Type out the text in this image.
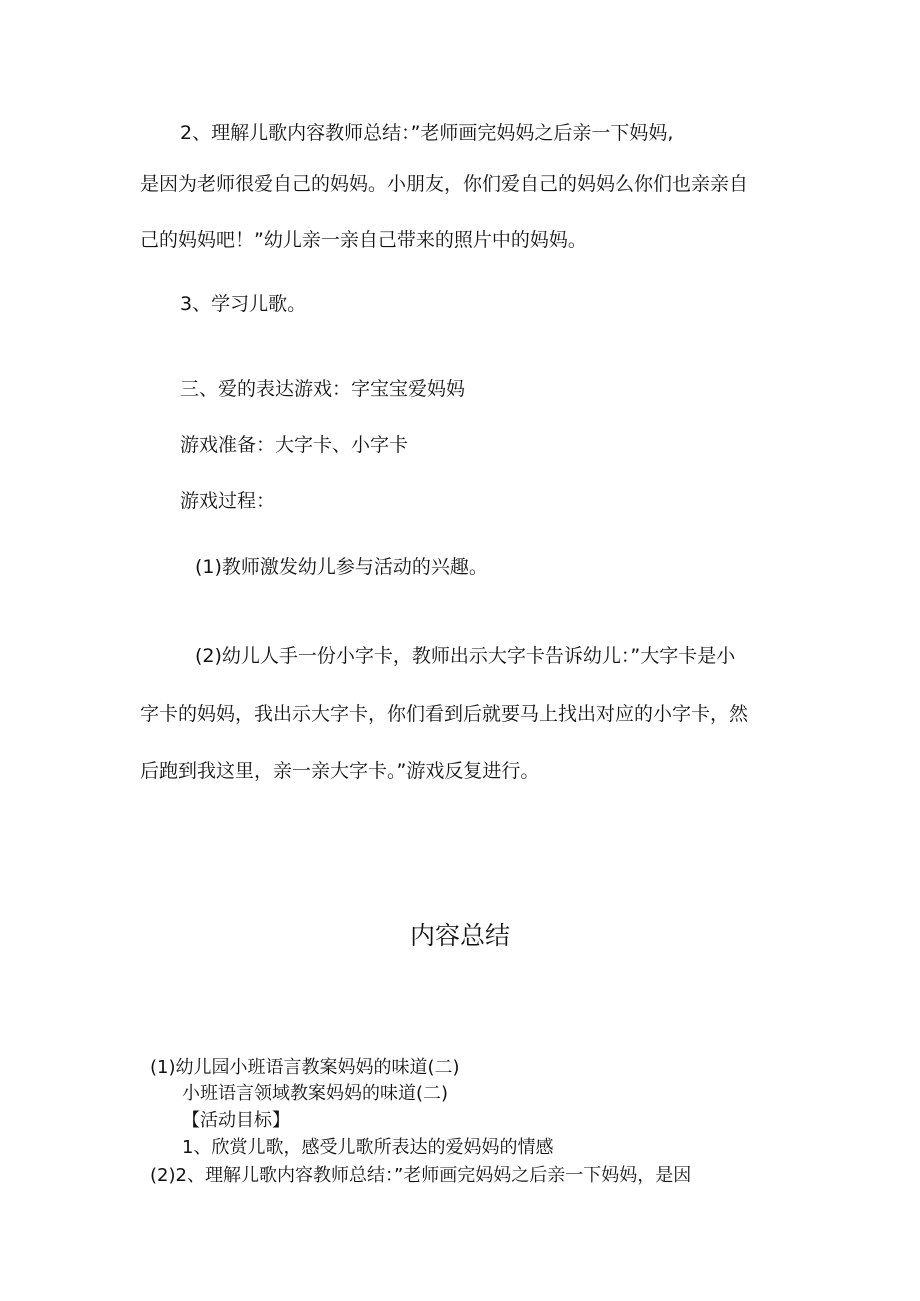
2、理解儿歌内容教师总结：”老师画完妈妈之后亲一下妈妈,
是因为老师很爱自己的妈妈。小朋友，你们爱自己的妈妈么你们也亲亲自
己的妈妈吧！”幼儿亲一亲自己带来的照片中的妈妈。
3、学习儿歌。
三、爱的表达游戏：字宝宝爱妈妈
游戏准备：大字卡、小字卡
游戏过程：
(1)教师激发幼儿参与活动的兴趣。
(2)幼儿人手一份小字卡，教师出示大字卡告诉幼儿：”大字卡是小
字卡的妈妈，我出示大字卡，你们看到后就要马上找出对应的小字卡，然
后跑到我这里，亲一亲大字卡。”游戏反复进行。
内容总结
(1)幼儿园小班语言教案妈妈的味道(二)
小班语言领域教案妈妈的味道(二)
【活动目标】
1、欣赏儿歌，感受儿歌所表达的爱妈妈的情感
(2)2、理解儿歌内容教师总结：”老师画完妈妈之后亲一下妈妈，是因
